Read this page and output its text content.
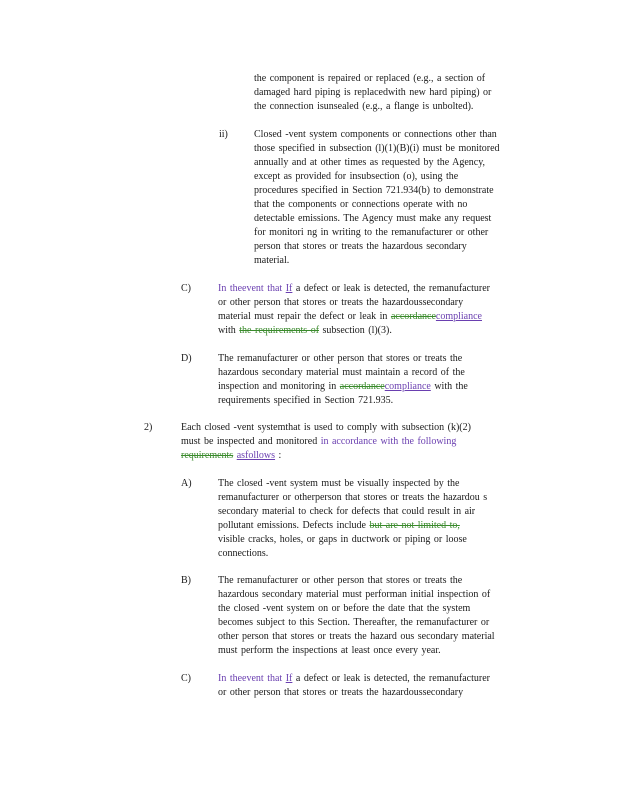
the component is repaired or replaced (e.g., a section of
damaged hard piping is replacedwith new hard piping) or
the connection isunsealed (e.g., a flange is unbolted).
ii)	Closed -vent system components or connections other than
those specified in subsection (l)(1)(B)(i) must be monitored
annually and at other times as requested by the Agency,
except as provided for insubsection (o), using the
procedures specified in Section 721.934(b) to demonstrate
that the components or connections operate with no
detectable emissions. The Agency must make any request
for monitori ng in writing to the remanufacturer or other
person that stores or treats the hazardous secondary
material.
C)	In theevent that If a defect or leak is detected, the remanufacturer
or other person that stores or treats the hazardoussecondary
material must repair the defect or leak in accordancecompliance
with the requirements of subsection (l)(3).
D)	The remanufacturer or other person that stores or treats the
hazardous secondary material must maintain a record of the
inspection and monitoring in accordancecompliance with the
requirements specified in Section 721.935.
2)	Each closed -vent systemthat is used to comply with subsection (k)(2)
must be inspected and monitored in accordance with the following
requirements asfollows :
A)	The closed -vent system must be visually inspected by the
remanufacturer or otherperson that stores or treats the hazardou s
secondary material to check for defects that could result in air
pollutant emissions. Defects include but are not limited to,
visible cracks, holes, or gaps in ductwork or piping or loose
connections.
B)	The remanufacturer or other person that stores or treats the
hazardous secondary material must performan initial inspection of
the closed -vent system on or before the date that the system
becomes subject to this Section. Thereafter, the remanufacturer or
other person that stores or treats the hazard ous secondary material
must perform the inspections at least once every year.
C)	In theevent that If a defect or leak is detected, the remanufacturer
or other person that stores or treats the hazardoussecondary
